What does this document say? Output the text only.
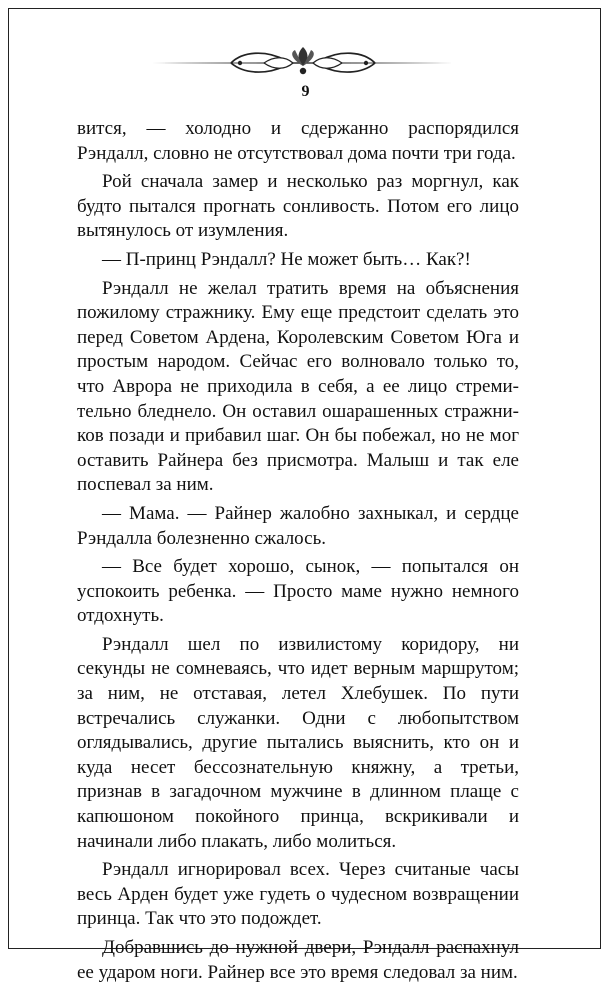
9

вится, — холодно и сдержанно распорядился Рэндалл, словно не отсутствовал дома почти три года.

Рой сначала замер и несколько раз моргнул, как будто пытался прогнать сонливость. Потом его лицо вытянулось от изумления.

— П-принц Рэндалл? Не может быть… Как?!

Рэндалл не желал тратить время на объяснения пожилому стражнику. Ему еще предстоит сделать это перед Советом Ардена, Королевским Советом Юга и простым народом. Сейчас его волновало только то, что Аврора не приходила в себя, а ее лицо стремительно бледнело. Он оставил ошарашенных стражников позади и прибавил шаг. Он бы побежал, но не мог оставить Райнера без присмотра. Малыш и так еле поспевал за ним.

— Мама. — Райнер жалобно захныкал, и сердце Рэндалла болезненно сжалось.

— Все будет хорошо, сынок, — попытался он успокоить ребенка. — Просто маме нужно немного отдохнуть.

Рэндалл шел по извилистому коридору, ни секунды не сомневаясь, что идет верным маршрутом; за ним, не отставая, летел Хлебушек. По пути встречались служанки. Одни с любопытством оглядывались, другие пытались выяснить, кто он и куда несет бессознательную княжну, а третьи, признав в загадочном мужчине в длинном плаще с капюшоном покойного принца, вскрикивали и начинали либо плакать, либо молиться.

Рэндалл игнорировал всех. Через считаные часы весь Арден будет уже гудеть о чудесном возвращении принца. Так что это подождет.

Добравшись до нужной двери, Рэндалл распахнул ее ударом ноги. Райнер все это время следовал за ним.
